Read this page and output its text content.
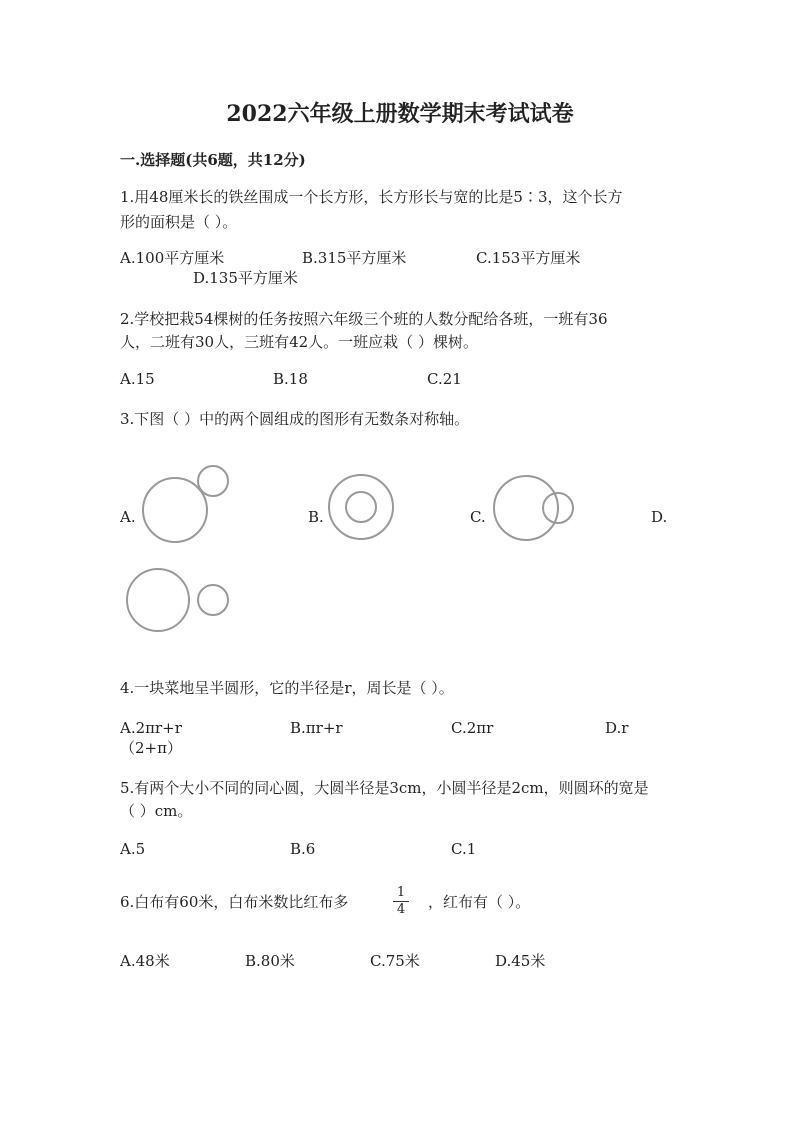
2022六年级上册数学期末考试试卷
一.选择题(共6题，共12分)
1.用48厘米长的铁丝围成一个长方形，长方形长与宽的比是5∶3，这个长方
形的面积是（ ）。
A.100平方厘米	B.315平方厘米	C.153平方厘米
D.135平方厘米
2.学校把栽54棵树的任务按照六年级三个班的人数分配给各班，一班有36
人，二班有30人，三班有42人。一班应栽（ ）棵树。
A.15	B.18	C.21
3.下图（ ）中的两个圆组成的图形有无数条对称轴。
A.	B.	C.	D.
4.一块菜地呈半圆形，它的半径是r，周长是（ ）。
A.2πr+r	B.πr+r	C.2πr	D.r
（2+π）
5.有两个大小不同的同心圆，大圆半径是3cm，小圆半径是2cm，则圆环的宽是
（ ）cm。
A.5	B.6	C.1
6.白布有60米，白布米数比红布多	$\frac{1}{4}$ ，红布有（ ）。
A.48米	B.80米	C.75米	D.45米
